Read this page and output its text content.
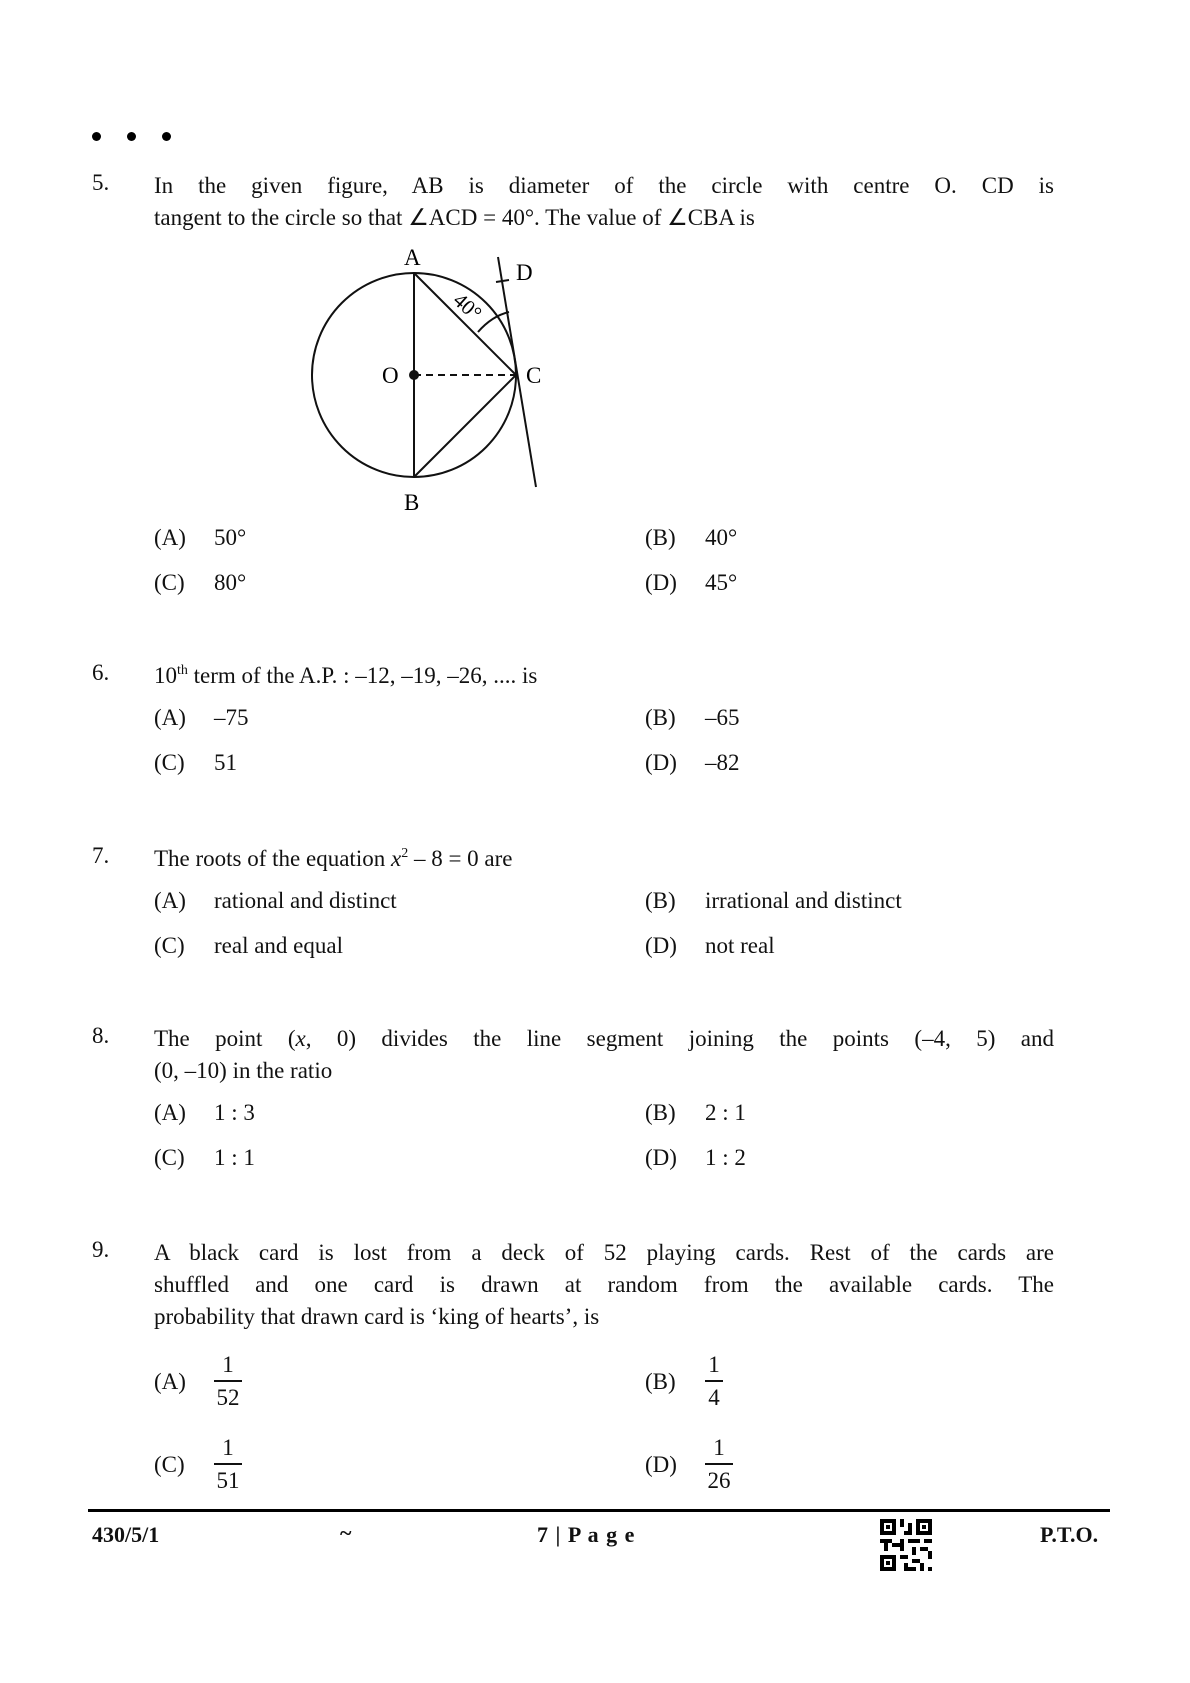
5. In the given figure, AB is diameter of the circle with centre O. CD is
tangent to the circle so that ∠ACD = 40°. The value of ∠CBA is
A
B
C
D
O
40°
(A)	50°	(B)	40°
(C)	80°	(D)	45°
6. 10th term of the A.P. : –12, –19, –26, .... is
(A)	–75	(B)	–65
(C)	51	(D)	–82
7. The roots of the equation $x^2 - 8 = 0$ are
(A)	rational and distinct	(B)	irrational and distinct
(C)	real and equal	(D)	not real
8. The point (x, 0) divides the line segment joining the points (–4, 5) and
(0, –10) in the ratio
(A)	1 : 3	(B)	2 : 1
(C)	1 : 1	(D)	1 : 2
9. A black card is lost from a deck of 52 playing cards. Rest of the cards are
shuffled and one card is drawn at random from the available cards. The
probability that drawn card is ‘king of hearts’, is
(A)	$\frac{1}{52}$	(B)	$\frac{1}{4}$
(C)	$\frac{1}{51}$	(D)	$\frac{1}{26}$
430/5/1	~	7 | P a g e	P.T.O.
